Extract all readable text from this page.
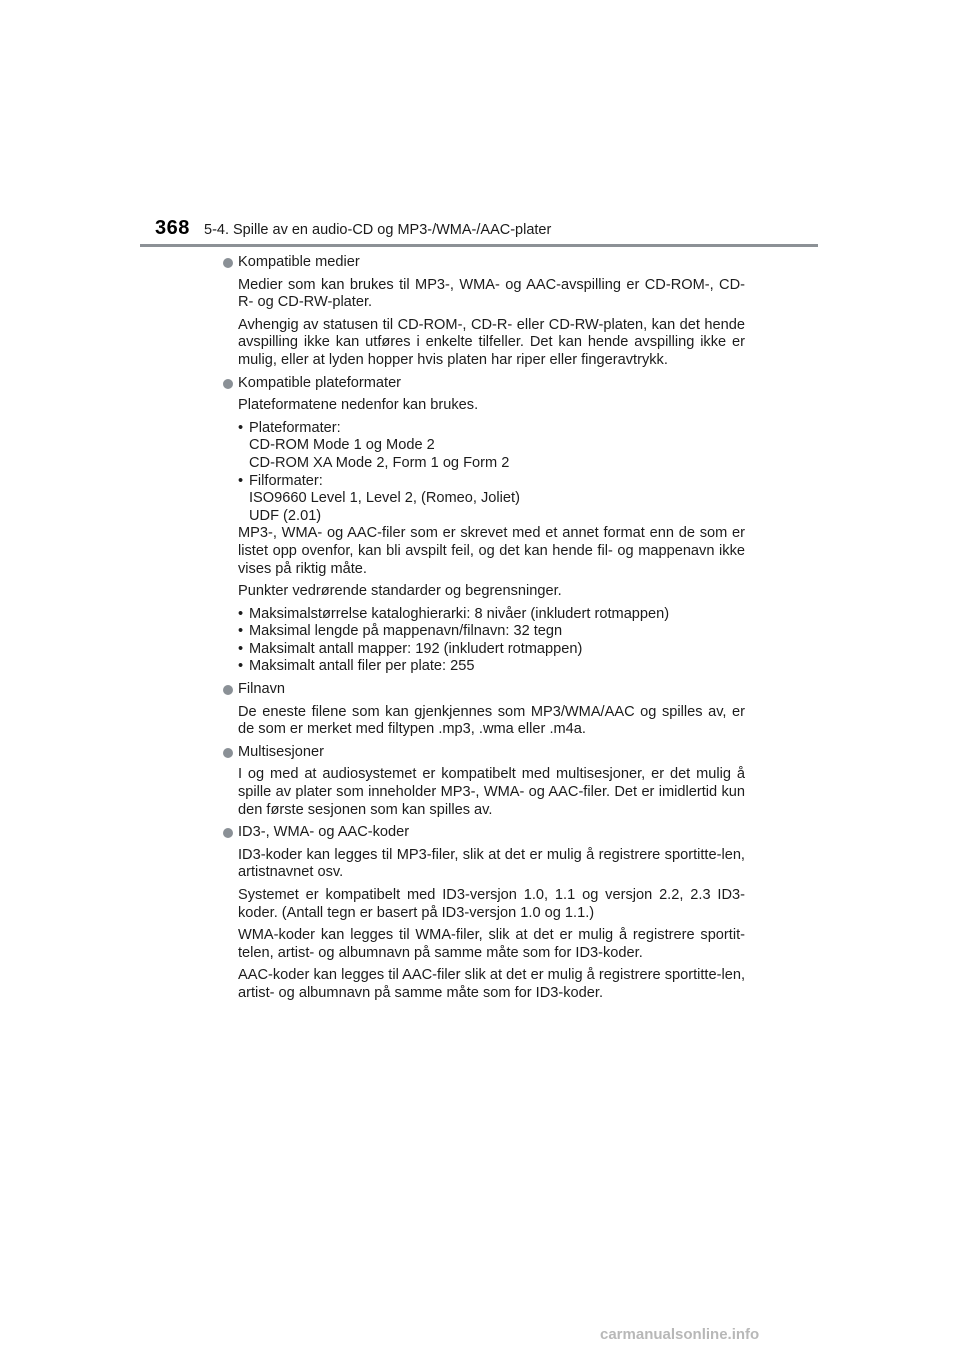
368 5-4. Spille av en audio-CD og MP3-/WMA-/AAC-plater
Kompatible medier

Medier som kan brukes til MP3-, WMA- og AAC-avspilling er CD-ROM-, CD-R- og CD-RW-plater.

Avhengig av statusen til CD-ROM-, CD-R- eller CD-RW-platen, kan det hende avspilling ikke kan utføres i enkelte tilfeller. Det kan hende avspilling ikke er mulig, eller at lyden hopper hvis platen har riper eller fingeravtrykk.

Kompatible plateformater

Plateformatene nedenfor kan brukes.

• Plateformater:
CD-ROM Mode 1 og Mode 2
CD-ROM XA Mode 2, Form 1 og Form 2
• Filformater:
ISO9660 Level 1, Level 2, (Romeo, Joliet)
UDF (2.01)

MP3-, WMA- og AAC-filer som er skrevet med et annet format enn de som er listet opp ovenfor, kan bli avspilt feil, og det kan hende fil- og mappenavn ikke vises på riktig måte.

Punkter vedrørende standarder og begrensninger.

• Maksimalstørrelse kataloghierarki: 8 nivåer (inkludert rotmappen)
• Maksimal lengde på mappenavn/filnavn: 32 tegn
• Maksimalt antall mapper: 192 (inkludert rotmappen)
• Maksimalt antall filer per plate: 255
Filnavn

De eneste filene som kan gjenkjennes som MP3/WMA/AAC og spilles av, er de som er merket med filtypen .mp3, .wma eller .m4a.

Multisesjoner

I og med at audiosystemet er kompatibelt med multisesjoner, er det mulig å spille av plater som inneholder MP3-, WMA- og AAC-filer. Det er imidlertid kun den første sesjonen som kan spilles av.

ID3-, WMA- og AAC-koder

ID3-koder kan legges til MP3-filer, slik at det er mulig å registrere sportitte-len, artistnavnet osv.

Systemet er kompatibelt med ID3-versjon 1.0, 1.1 og versjon 2.2, 2.3 ID3-koder. (Antall tegn er basert på ID3-versjon 1.0 og 1.1.)

WMA-koder kan legges til WMA-filer, slik at det er mulig å registrere sportit-telen, artist- og albumnavn på samme måte som for ID3-koder.

AAC-koder kan legges til AAC-filer slik at det er mulig å registrere sportitte-len, artist- og albumnavn på samme måte som for ID3-koder.

carmanualsonline.info
